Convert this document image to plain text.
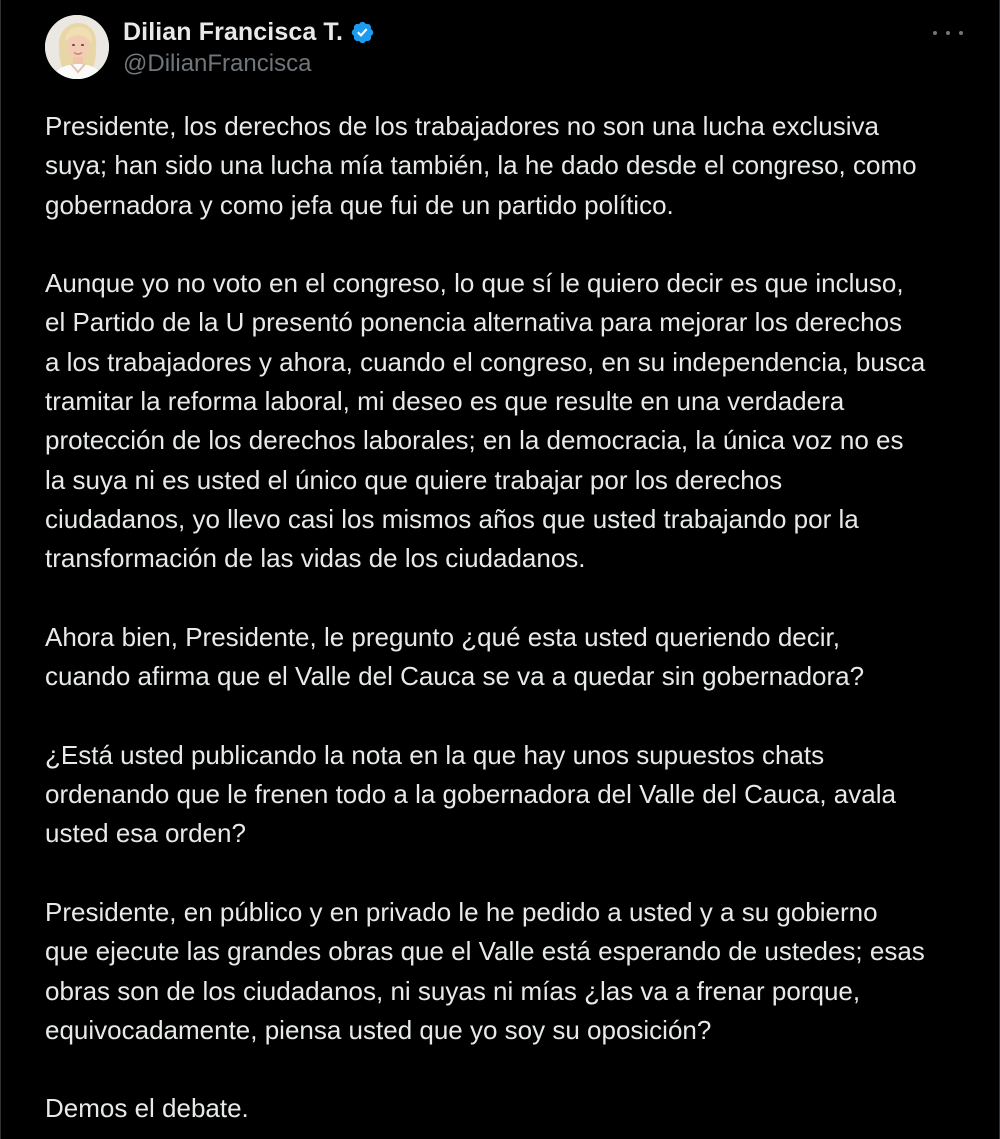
Dilian Francisca T.
@DilianFrancisca

Presidente, los derechos de los trabajadores no son una lucha exclusiva
suya; han sido una lucha mía también, la he dado desde el congreso, como
gobernadora y como jefa que fui de un partido político.

Aunque yo no voto en el congreso, lo que sí le quiero decir es que incluso,
el Partido de la U presentó ponencia alternativa para mejorar los derechos
a los trabajadores y ahora, cuando el congreso, en su independencia, busca
tramitar la reforma laboral, mi deseo es que resulte en una verdadera
protección de los derechos laborales; en la democracia, la única voz no es
la suya ni es usted el único que quiere trabajar por los derechos
ciudadanos, yo llevo casi los mismos años que usted trabajando por la
transformación de las vidas de los ciudadanos.

Ahora bien, Presidente, le pregunto ¿qué esta usted queriendo decir,
cuando afirma que el Valle del Cauca se va a quedar sin gobernadora?

¿Está usted publicando la nota en la que hay unos supuestos chats
ordenando que le frenen todo a la gobernadora del Valle del Cauca, avala
usted esa orden?

Presidente, en público y en privado le he pedido a usted y a su gobierno
que ejecute las grandes obras que el Valle está esperando de ustedes; esas
obras son de los ciudadanos, ni suyas ni mías ¿las va a frenar porque,
equivocadamente, piensa usted que yo soy su oposición?

Demos el debate.
